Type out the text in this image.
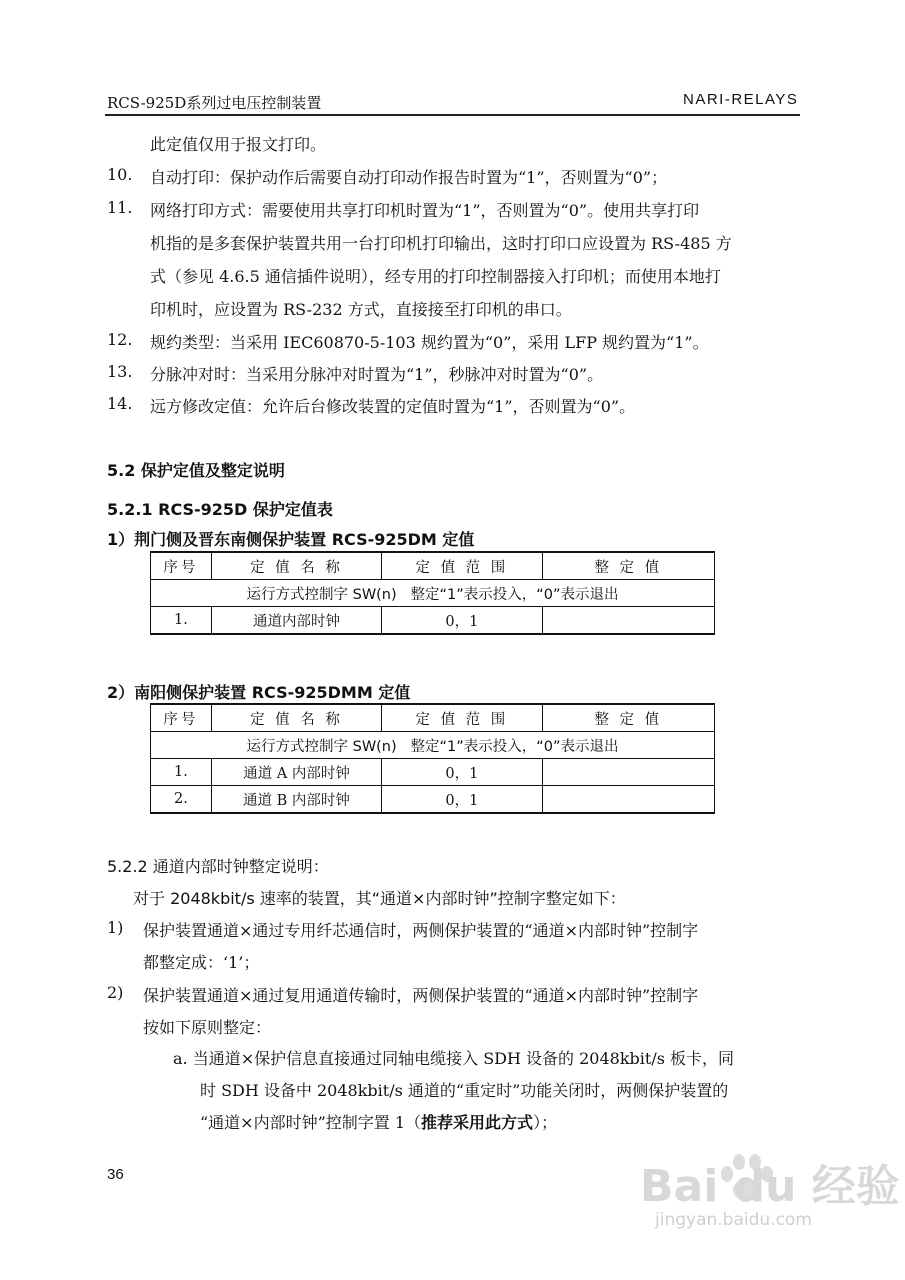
RCS-925D系列过电压控制装置	NARI-RELAYS
此定值仅用于报文打印。
10. 自动打印：保护动作后需要自动打印动作报告时置为“1”，否则置为“0”；
11. 网络打印方式：需要使用共享打印机时置为“1”，否则置为“0”。使用共享打印
机指的是多套保护装置共用一台打印机打印输出，这时打印口应设置为 RS-485 方
式（参见 4.6.5 通信插件说明），经专用的打印控制器接入打印机；而使用本地打
印机时，应设置为 RS-232 方式，直接接至打印机的串口。
12. 规约类型：当采用 IEC60870-5-103 规约置为“0”，采用 LFP 规约置为“1”。
13. 分脉冲对时：当采用分脉冲对时置为“1”，秒脉冲对时置为“0”。
14. 远方修改定值：允许后台修改装置的定值时置为“1”，否则置为“0”。
5.2 保护定值及整定说明
5.2.1 RCS-925D 保护定值表
1）荆门侧及晋东南侧保护装置 RCS-925DM 定值
序号	定 值 名 称	定 值 范 围	整 定 值
运行方式控制字 SW(n) 整定“1”表示投入，“0”表示退出			
1.	通道内部时钟	0，1	
2）南阳侧保护装置 RCS-925DMM 定值
序号	定 值 名 称	定 值 范 围	整 定 值
运行方式控制字 SW(n) 整定“1”表示投入，“0”表示退出			
1.	通道 A 内部时钟	0，1	
2.	通道 B 内部时钟	0，1	
5.2.2 通道内部时钟整定说明：
对于 2048kbit/s 速率的装置，其“通道×内部时钟”控制字整定如下：
1) 保护装置通道×通过专用纤芯通信时，两侧保护装置的“通道×内部时钟”控制字
都整定成：‘1’；
2) 保护装置通道×通过复用通道传输时，两侧保护装置的“通道×内部时钟”控制字
按如下原则整定：
a. 当通道×保护信息直接通过同轴电缆接入 SDH 设备的 2048kbit/s 板卡，同
时 SDH 设备中 2048kbit/s 通道的“重定时”功能关闭时，两侧保护装置的
“通道×内部时钟”控制字置 1（推荐采用此方式）；
36	Bai du 经验
jingyan.baidu.com
